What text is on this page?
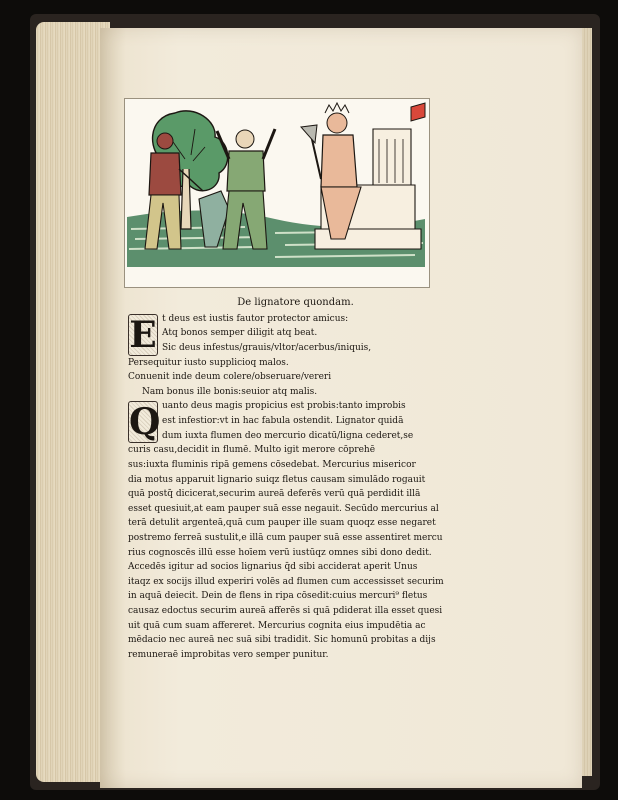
De lignatore quondam.

E t deus est iustis fautor protector amicus:

Atq bonos semper diligit atq beat.

Sic deus infestus/grauis/vltor/acerbus/iniquis,

Persequitur iusto supplicioq malos.

Conuenit inde deum colere/obseruare/vereri

Nam bonus ille bonis:seuior atq malis.

Q uanto deus magis propicius est probis:tanto improbis

est infestior:vt in hac fabula ostendit. Lignator quidā

dum iuxta flumen deo mercurio dicatū/ligna cederet,se

curis casu,decidit in flumē. Multo igit merore cōprehē

sus:iuxta fluminis ripā gemens cōsedebat. Mercurius misericor

dia motus apparuit lignario suiqz fletus causam simulādo rogauit

quā postq̄ dicicerat,securim aureā deferēs verū quā perdidit illā

esset quesiuit,at eam pauper suā esse negauit. Secūdo mercurius al

terā detulit argenteā,quā cum pauper ille suam quoqz esse negaret

postremo ferreā sustulit,e illā cum pauper suā esse assentiret mercu

rius cognoscēs illū esse hoīem verū iustūqz omnes sibi dono dedit.

Accedēs igitur ad socios lignarius q̄d sibi acciderat aperit Unus

itaqz ex socijs illud experiri volēs ad flumen cum accessisset securim

in aquā deiecit. Dein de flens in ripa cōsedit:cuius mercuri⁹ fletus

causaz edoctus securim aureā afferēs si quā pdiderat illa esset quesi

uit quā cum suam affereret. Mercurius cognita eius impudētia ac

mēdacio nec aureā nec suā sibi tradidit. Sic homunū probitas a dijs

remuneraē improbitas vero semper punitur.
